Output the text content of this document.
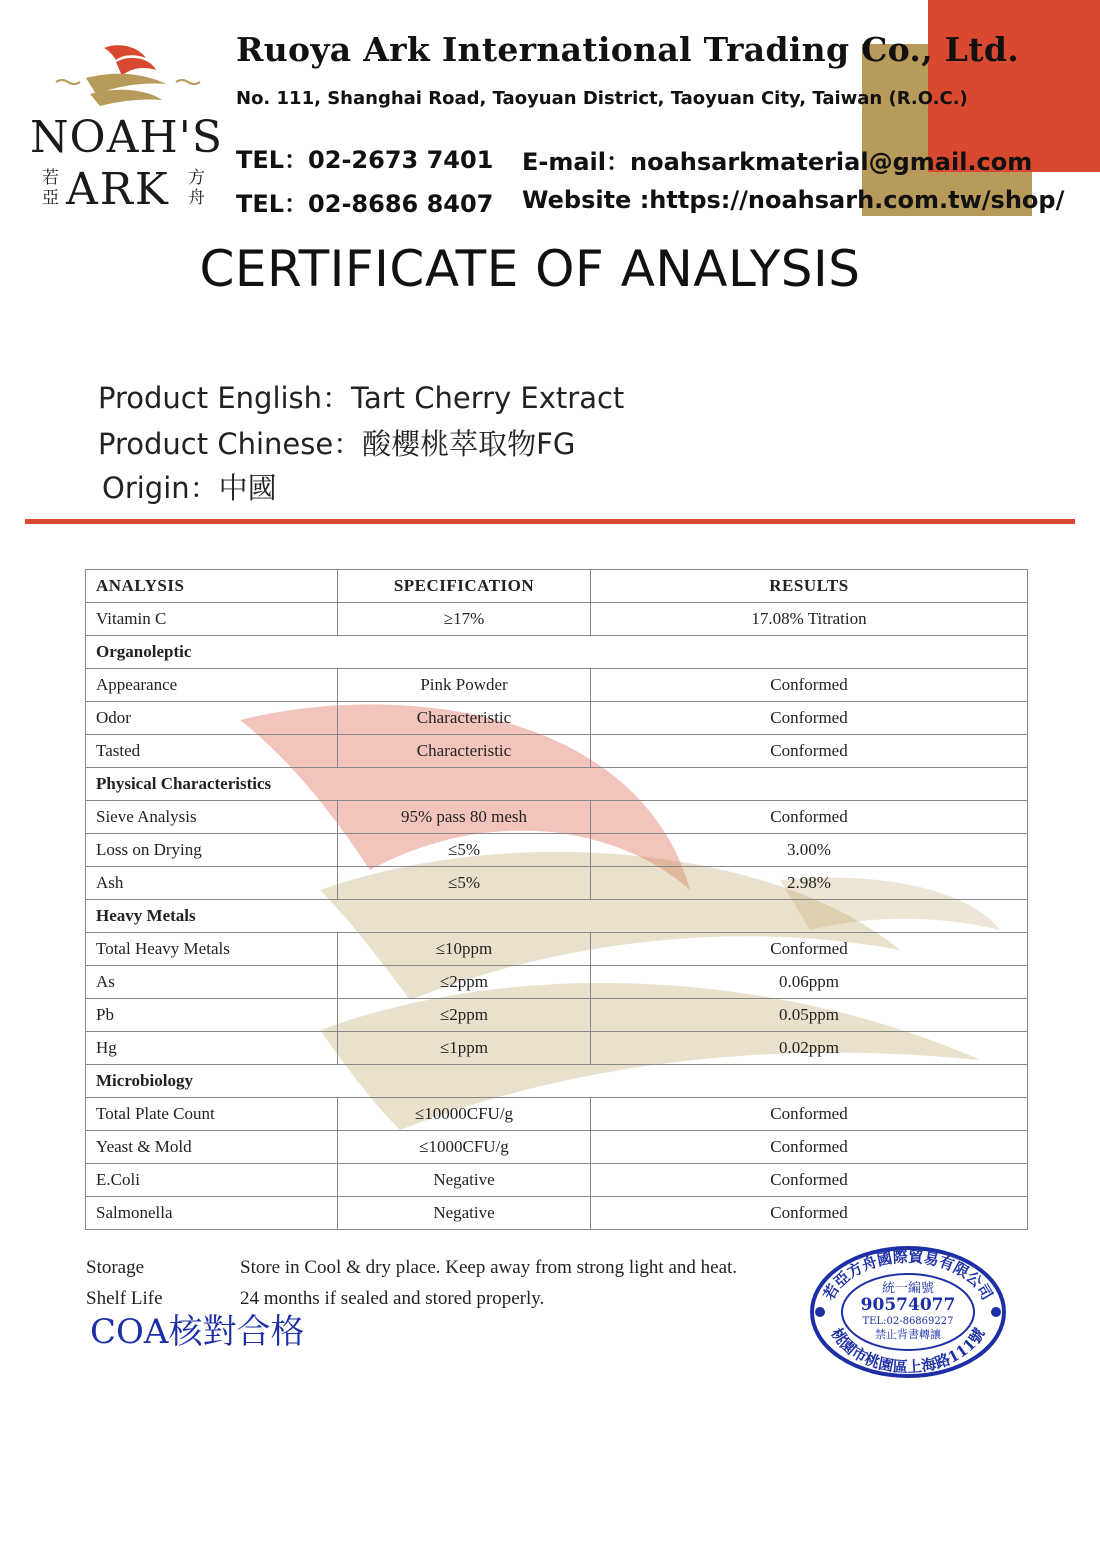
NOAH'S
若亞 ARK 方舟
Ruoya Ark International Trading Co., Ltd.
No. 111, Shanghai Road, Taoyuan District, Taoyuan City, Taiwan (R.O.C.)
TEL：02-2673 7401
TEL：02-8686 8407
E-mail：noahsarkmaterial@gmail.com
Website :https://noahsarh.com.tw/shop/
CERTIFICATE OF ANALYSIS
Product English：Tart Cherry Extract
Product Chinese：酸櫻桃萃取物FG
Origin：中國
ANALYSIS	SPECIFICATION	RESULTS
Vitamin C	≥17%	17.08% Titration
Organoleptic		
Appearance	Pink Powder	Conformed
Odor	Characteristic	Conformed
Tasted	Characteristic	Conformed
Physical Characteristics		
Sieve Analysis	95% pass 80 mesh	Conformed
Loss on Drying	≤5%	3.00%
Ash	≤5%	2.98%
Heavy Metals		
Total Heavy Metals	≤10ppm	Conformed
As	≤2ppm	0.06ppm
Pb	≤2ppm	0.05ppm
Hg	≤1ppm	0.02ppm
Microbiology		
Total Plate Count	≤10000CFU/g	Conformed
Yeast & Mold	≤1000CFU/g	Conformed
E.Coli	Negative	Conformed
Salmonella	Negative	Conformed
Storage	Store in Cool & dry place. Keep away from strong light and heat.
Shelf Life	24 months if sealed and stored properly.
COA核對合格
若亞方舟國際貿易有限公司
桃園市桃園區上海路111號
統一編號
90574077
TEL:02-86869227
禁止背書轉讓
